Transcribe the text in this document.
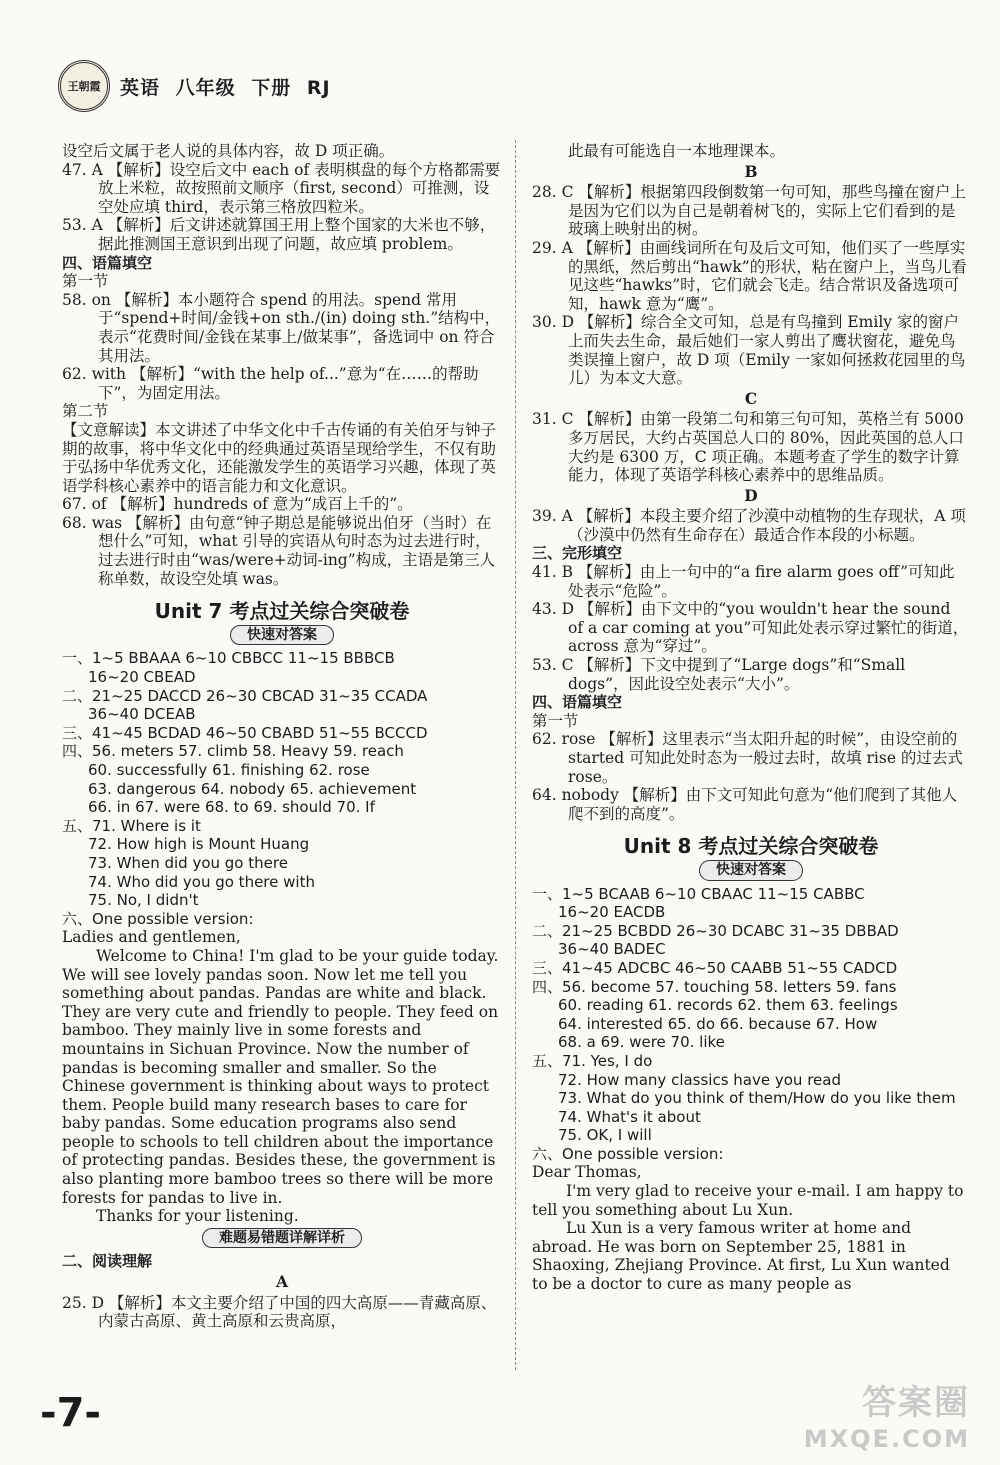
王朝霞	英语 八年级 下册 RJ

设空后文属于老人说的具体内容，故 D 项正确。

47. A 【解析】设空后文中 each of 表明棋盘的每个方格都需要放上米粒，故按照前文顺序（first, second）可推测，设空处应填 third，表示第三格放四粒米。

53. A 【解析】后文讲述就算国王用上整个国家的大米也不够，据此推测国王意识到出现了问题，故应填 problem。

四、语篇填空

第一节

58. on 【解析】本小题符合 spend 的用法。spend 常用于“spend+时间/金钱+on sth./(in) doing sth.”结构中，表示“花费时间/金钱在某事上/做某事”，备选词中 on 符合其用法。

62. with 【解析】“with the help of...”意为“在……的帮助下”，为固定用法。

第二节

【文意解读】本文讲述了中华文化中千古传诵的有关伯牙与钟子期的故事，将中华文化中的经典通过英语呈现给学生，不仅有助于弘扬中华优秀文化，还能激发学生的英语学习兴趣，体现了英语学科核心素养中的语言能力和文化意识。

67. of 【解析】hundreds of 意为“成百上千的”。

68. was 【解析】由句意“钟子期总是能够说出伯牙（当时）在想什么”可知，what 引导的宾语从句时态为过去进行时，过去进行时由“was/were+动词-ing”构成，主语是第三人称单数，故设空处填 was。

Unit 7 考点过关综合突破卷
快速对答案

一、1~5 BBAAA 6~10 CBBCC 11~15 BBBCB

16~20 CBEAD

二、21~25 DACCD 26~30 CBCAD 31~35 CCADA

36~40 DCEAB

三、41~45 BCDAD 46~50 CBABD 51~55 BCCCD

四、56. meters 57. climb 58. Heavy 59. reach

60. successfully 61. finishing 62. rose

63. dangerous 64. nobody 65. achievement

66. in 67. were 68. to 69. should 70. If

五、71. Where is it

72. How high is Mount Huang

73. When did you go there

74. Who did you go there with

75. No, I didn't

六、One possible version:

Ladies and gentlemen,

Welcome to China! I'm glad to be your guide today. We will see lovely pandas soon. Now let me tell you something about pandas. Pandas are white and black. They are very cute and friendly to people. They feed on bamboo. They mainly live in some forests and mountains in Sichuan Province. Now the number of pandas is becoming smaller and smaller. So the Chinese government is thinking about ways to protect them. People build many research bases to care for baby pandas. Some education programs also send people to schools to tell children about the importance of protecting pandas. Besides these, the government is also planting more bamboo trees so there will be more forests for pandas to live in.

Thanks for your listening.

难题易错题详解详析

二、阅读理解

A

25. D 【解析】本文主要介绍了中国的四大高原——青藏高原、内蒙古高原、黄土高原和云贵高原，

此最有可能选自一本地理课本。

B

28. C 【解析】根据第四段倒数第一句可知，那些鸟撞在窗户上是因为它们以为自己是朝着树飞的，实际上它们看到的是玻璃上映射出的树。

29. A 【解析】由画线词所在句及后文可知，他们买了一些厚实的黑纸，然后剪出“hawk”的形状，粘在窗户上，当鸟儿看见这些“hawks”时，它们就会飞走。结合常识及备选项可知，hawk 意为“鹰”。

30. D 【解析】综合全文可知，总是有鸟撞到 Emily 家的窗户上而失去生命，最后她们一家人剪出了鹰状窗花，避免鸟类误撞上窗户，故 D 项（Emily 一家如何拯救花园里的鸟儿）为本文大意。

C

31. C 【解析】由第一段第二句和第三句可知，英格兰有 5000 多万居民，大约占英国总人口的 80%，因此英国的总人口大约是 6300 万，C 项正确。本题考查了学生的数字计算能力，体现了英语学科核心素养中的思维品质。

D

39. A 【解析】本段主要介绍了沙漠中动植物的生存现状，A 项（沙漠中仍然有生命存在）最适合作本段的小标题。

三、完形填空

41. B 【解析】由上一句中的“a fire alarm goes off”可知此处表示“危险”。

43. D 【解析】由下文中的“you wouldn't hear the sound of a car coming at you”可知此处表示穿过繁忙的街道，across 意为“穿过”。

53. C 【解析】下文中提到了“Large dogs”和“Small dogs”，因此设空处表示“大小”。

四、语篇填空

第一节

62. rose 【解析】这里表示“当太阳升起的时候”，由设空前的 started 可知此处时态为一般过去时，故填 rise 的过去式 rose。

64. nobody 【解析】由下文可知此句意为“他们爬到了其他人爬不到的高度”。

Unit 8 考点过关综合突破卷
快速对答案

一、1~5 BCAAB 6~10 CBAAC 11~15 CABBC

16~20 EACDB

二、21~25 BCBDD 26~30 DCABC 31~35 DBBAD

36~40 BADEC

三、41~45 ADCBC 46~50 CAABB 51~55 CADCD

四、56. become 57. touching 58. letters 59. fans

60. reading 61. records 62. them 63. feelings

64. interested 65. do 66. because 67. How

68. a 69. were 70. like

五、71. Yes, I do

72. How many classics have you read

73. What do you think of them/How do you like them

74. What's it about

75. OK, I will

六、One possible version:

Dear Thomas,

I'm very glad to receive your e-mail. I am happy to tell you something about Lu Xun.

Lu Xun is a very famous writer at home and abroad. He was born on September 25, 1881 in Shaoxing, Zhejiang Province. At first, Lu Xun wanted to be a doctor to cure as many people as

-7-	答案圈
MXQE.COM
